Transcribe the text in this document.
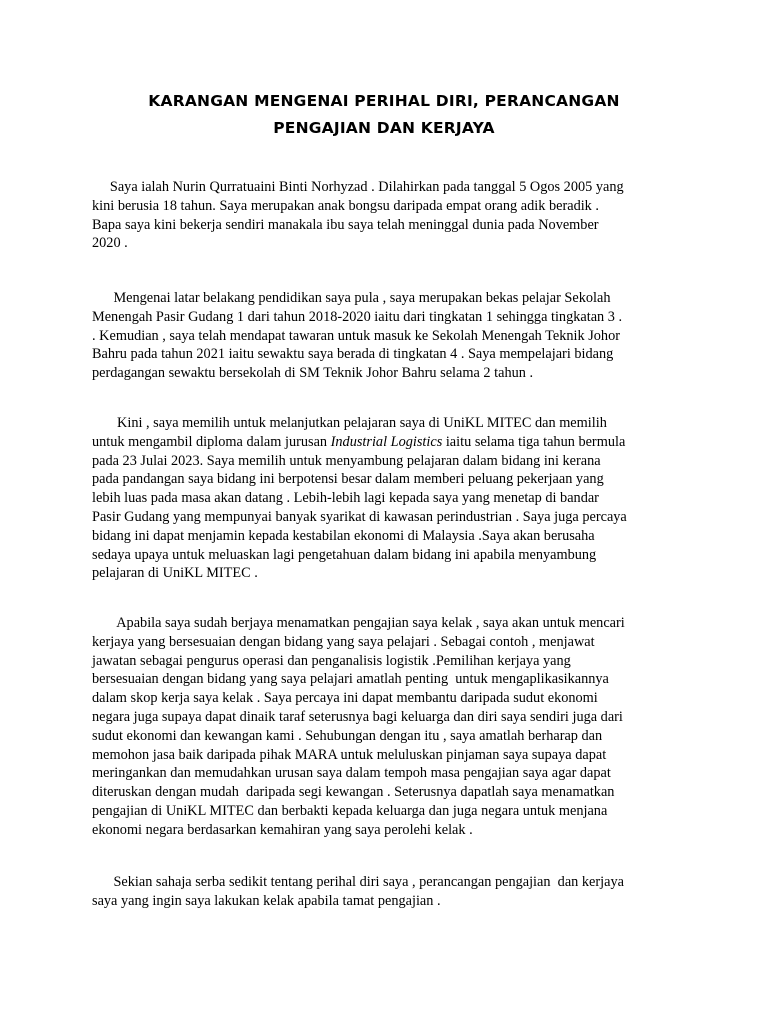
KARANGAN MENGENAI PERIHAL DIRI, PERANCANGAN
PENGAJIAN DAN KERJAYA
Saya ialah Nurin Qurratuaini Binti Norhyzad . Dilahirkan pada tanggal 5 Ogos 2005 yang
kini berusia 18 tahun. Saya merupakan anak bongsu daripada empat orang adik beradik .
Bapa saya kini bekerja sendiri manakala ibu saya telah meninggal dunia pada November
2020 .
Mengenai latar belakang pendidikan saya pula , saya merupakan bekas pelajar Sekolah
Menengah Pasir Gudang 1 dari tahun 2018-2020 iaitu dari tingkatan 1 sehingga tingkatan 3 .
. Kemudian , saya telah mendapat tawaran untuk masuk ke Sekolah Menengah Teknik Johor
Bahru pada tahun 2021 iaitu sewaktu saya berada di tingkatan 4 . Saya mempelajari bidang
perdagangan sewaktu bersekolah di SM Teknik Johor Bahru selama 2 tahun .
Kini , saya memilih untuk melanjutkan pelajaran saya di UniKL MITEC dan memilih
untuk mengambil diploma dalam jurusan Industrial Logistics iaitu selama tiga tahun bermula
pada 23 Julai 2023. Saya memilih untuk menyambung pelajaran dalam bidang ini kerana
pada pandangan saya bidang ini berpotensi besar dalam memberi peluang pekerjaan yang
lebih luas pada masa akan datang . Lebih-lebih lagi kepada saya yang menetap di bandar
Pasir Gudang yang mempunyai banyak syarikat di kawasan perindustrian . Saya juga percaya
bidang ini dapat menjamin kepada kestabilan ekonomi di Malaysia .Saya akan berusaha
sedaya upaya untuk meluaskan lagi pengetahuan dalam bidang ini apabila menyambung
pelajaran di UniKL MITEC .
Apabila saya sudah berjaya menamatkan pengajian saya kelak , saya akan untuk mencari
kerjaya yang bersesuaian dengan bidang yang saya pelajari . Sebagai contoh , menjawat
jawatan sebagai pengurus operasi dan penganalisis logistik .Pemilihan kerjaya yang
bersesuaian dengan bidang yang saya pelajari amatlah penting  untuk mengaplikasikannya
dalam skop kerja saya kelak . Saya percaya ini dapat membantu daripada sudut ekonomi
negara juga supaya dapat dinaik taraf seterusnya bagi keluarga dan diri saya sendiri juga dari
sudut ekonomi dan kewangan kami . Sehubungan dengan itu , saya amatlah berharap dan
memohon jasa baik daripada pihak MARA untuk meluluskan pinjaman saya supaya dapat
meringankan dan memudahkan urusan saya dalam tempoh masa pengajian saya agar dapat
diteruskan dengan mudah  daripada segi kewangan . Seterusnya dapatlah saya menamatkan
pengajian di UniKL MITEC dan berbakti kepada keluarga dan juga negara untuk menjana
ekonomi negara berdasarkan kemahiran yang saya perolehi kelak .
Sekian sahaja serba sedikit tentang perihal diri saya , perancangan pengajian  dan kerjaya
saya yang ingin saya lakukan kelak apabila tamat pengajian .
